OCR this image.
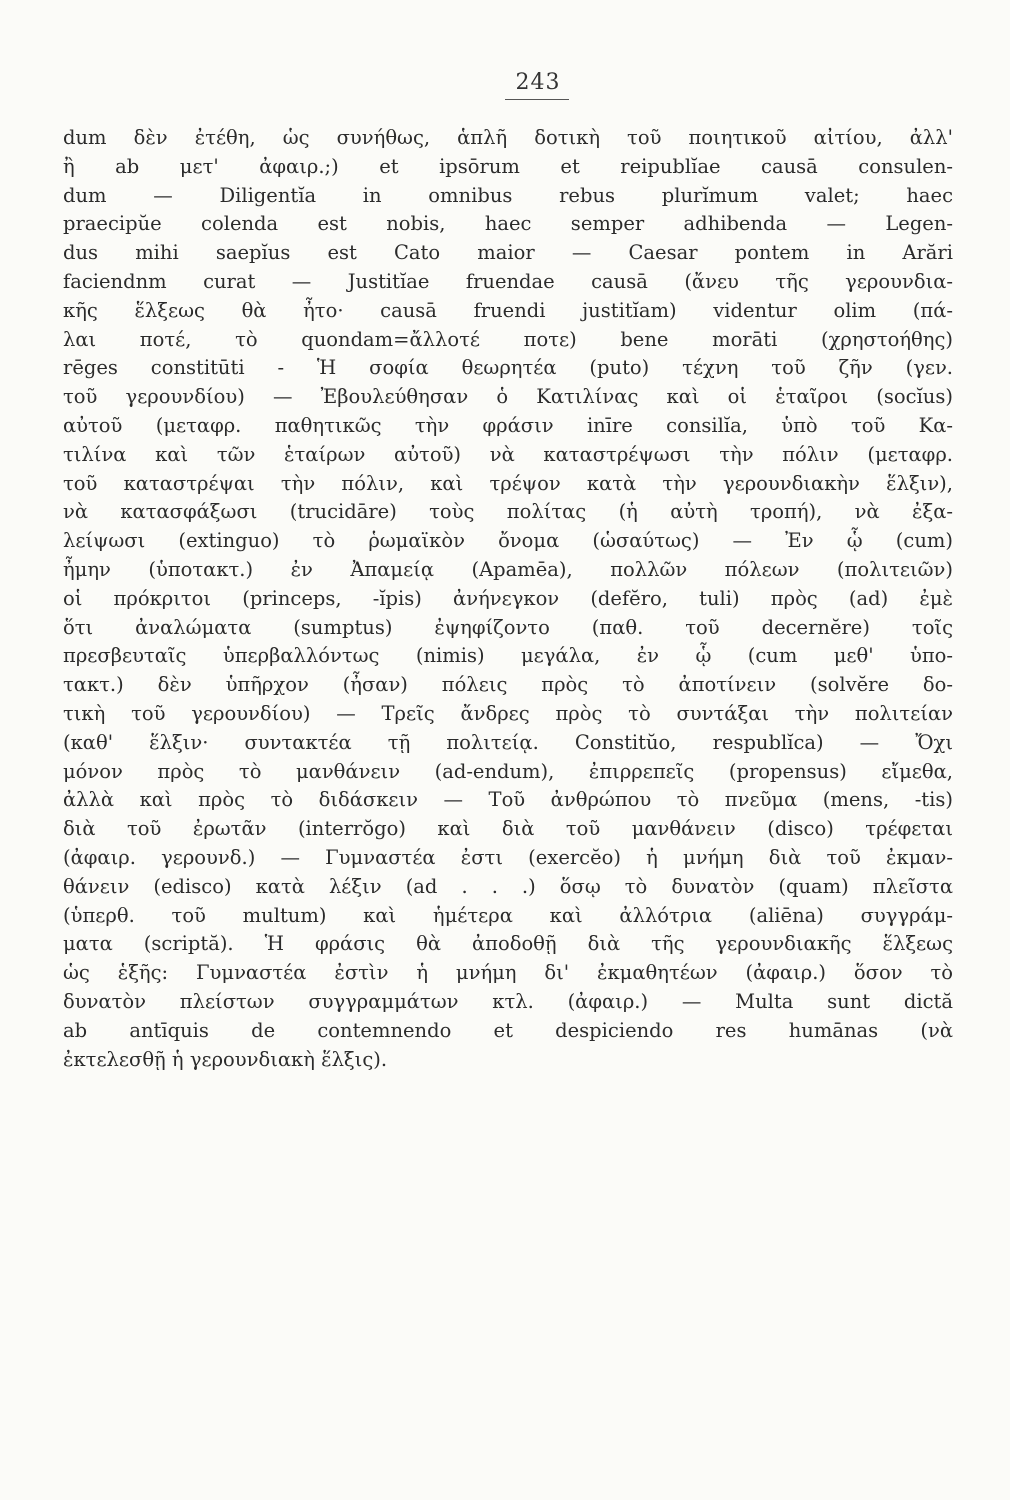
243
dum δὲν ἐτέθη, ὡς συνήθως, ἁπλῆ δοτικὴ τοῦ ποιητικοῦ αἰτίου, ἀλλ'
ἢ ab μετ' ἀφαιρ.;) et ipsōrum et reipublĭae causā consulen-
dum — Diligentĭa in omnibus rebus plurĭmum valet; haec
praecipŭe colenda est nobis, haec semper adhibenda — Legen-
dus mihi saepĭus est Cato maior — Caesar pontem in Arări
faciendnm curat — Justitĭae fruendae causā (ἄνευ τῆς γερουνδια-
κῆς ἕλξεως θὰ ἦτο· causā fruendi justitĭam) videntur olim (πά-
λαι ποτέ, τὸ quondam=ἄλλοτέ ποτε) bene morāti (χρηστοήθης)
rēges constitūti - Ἡ σοφία θεωρητέα (puto) τέχνη τοῦ ζῆν (γεν.
τοῦ γερουνδίου) — Ἐβουλεύθησαν ὁ Κατιλίνας καὶ οἱ ἑταῖροι (socĭus)
αὐτοῦ (μεταφρ. παθητικῶς τὴν φράσιν inīre consilĭa, ὑπὸ τοῦ Κα-
τιλίνα καὶ τῶν ἑταίρων αὐτοῦ) νὰ καταστρέψωσι τὴν πόλιν (μεταφρ.
τοῦ καταστρέψαι τὴν πόλιν, καὶ τρέψον κατὰ τὴν γερουνδιακὴν ἕλξιν),
νὰ κατασφάξωσι (trucidāre) τοὺς πολίτας (ἡ αὐτὴ τροπή), νὰ ἐξα-
λείψωσι (extinguo) τὸ ῥωμαϊκὸν ὄνομα (ὡσαύτως) — Ἐν ᾧ (cum)
ἦμην (ὑποτακτ.) ἐν Ἀπαμείᾳ (Apamēa), πολλῶν πόλεων (πολιτειῶν)
οἱ πρόκριτοι (princeps, -ĭpis) ἀνήνεγκον (defĕro, tuli) πρὸς (ad) ἐμὲ
ὅτι ἀναλώματα (sumptus) ἐψηφίζοντο (παθ. τοῦ decernĕre) τοῖς
πρεσβευταῖς ὑπερβαλλόντως (nimis) μεγάλα, ἐν ᾧ (cum μεθ' ὑπο-
τακτ.) δὲν ὑπῆρχον (ἦσαν) πόλεις πρὸς τὸ ἀποτίνειν (solvĕre δο-
τικὴ τοῦ γερουνδίου) — Τρεῖς ἄνδρες πρὸς τὸ συντάξαι τὴν πολιτείαν
(καθ' ἕλξιν· συντακτέα τῇ πολιτείᾳ. Constitŭo, respublĭca) — Ὄχι
μόνον πρὸς τὸ μανθάνειν (ad-endum), ἐπιρρεπεῖς (propensus) εἴμεθα,
ἀλλὰ καὶ πρὸς τὸ διδάσκειν — Τοῦ ἀνθρώπου τὸ πνεῦμα (mens, -tis)
διὰ τοῦ ἐρωτᾶν (interrŏgo) καὶ διὰ τοῦ μανθάνειν (disco) τρέφεται
(ἀφαιρ. γερουνδ.) — Γυμναστέα ἐστι (exercĕo) ἡ μνήμη διὰ τοῦ ἐκμαν-
θάνειν (edisco) κατὰ λέξιν (ad . . .) ὅσῳ τὸ δυνατὸν (quam) πλεῖστα
(ὑπερθ. τοῦ multum) καὶ ἡμέτερα καὶ ἀλλότρια (aliēna) συγγράμ-
ματα (scriptă). Ἡ φράσις θὰ ἀποδοθῇ διὰ τῆς γερουνδιακῆς ἕλξεως
ὡς ἑξῆς: Γυμναστέα ἐστὶν ἡ μνήμη δι' ἐκμαθητέων (ἀφαιρ.) ὅσον τὸ
δυνατὸν πλείστων συγγραμμάτων κτλ. (ἀφαιρ.) — Multa sunt dictă
ab antīquis de contemnendo et despiciendo res humānas (νὰ
ἐκτελεσθῇ ἡ γερουνδιακὴ ἕλξις).
